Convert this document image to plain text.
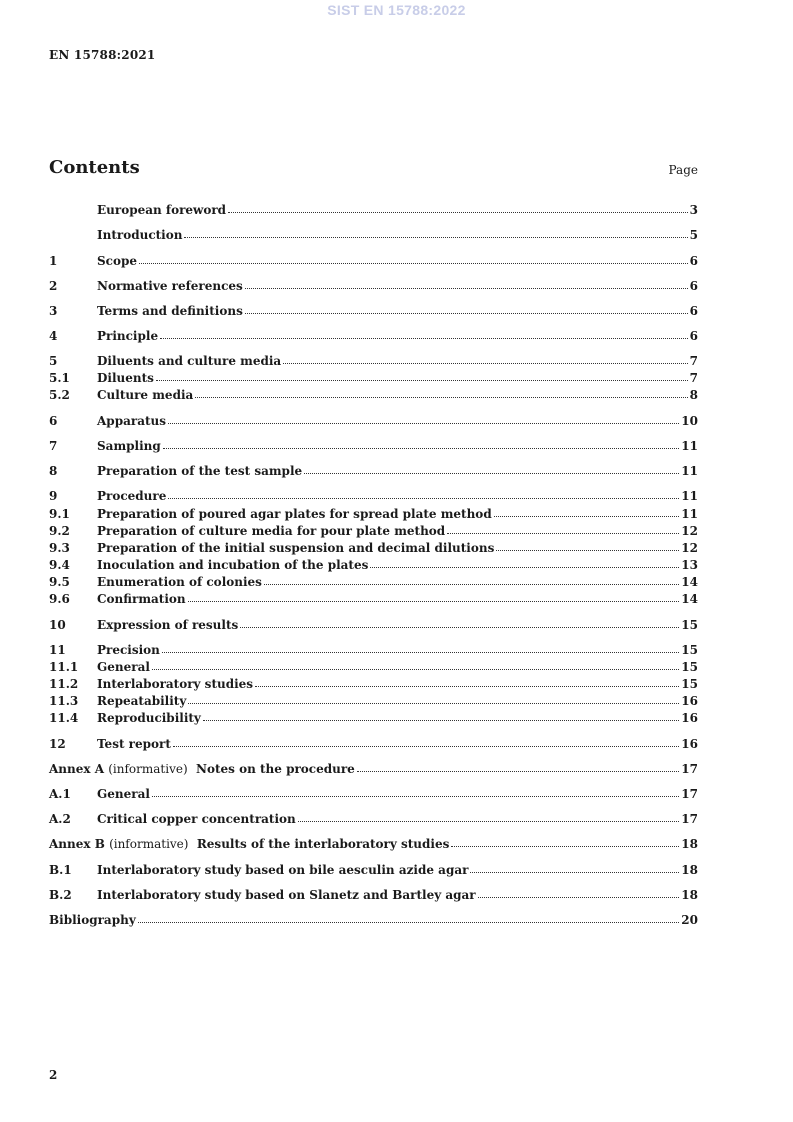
SIST EN 15788:2022
EN 15788:2021
Contents	Page
European foreword	3
Introduction	5
1	Scope	6
2	Normative references	6
3	Terms and definitions	6
4	Principle	6
5	Diluents and culture media	7
5.1	Diluents	7
5.2	Culture media	8
6	Apparatus	10
7	Sampling	11
8	Preparation of the test sample	11
9	Procedure	11
9.1	Preparation of poured agar plates for spread plate method	11
9.2	Preparation of culture media for pour plate method	12
9.3	Preparation of the initial suspension and decimal dilutions	12
9.4	Inoculation and incubation of the plates	13
9.5	Enumeration of colonies	14
9.6	Confirmation	14
10	Expression of results	15
11	Precision	15
11.1	General	15
11.2	Interlaboratory studies	15
11.3	Repeatability	16
11.4	Reproducibility	16
12	Test report	16
Annex A (informative) Notes on the procedure	17
A.1	General	17
A.2	Critical copper concentration	17
Annex B (informative) Results of the interlaboratory studies	18
B.1	Interlaboratory study based on bile aesculin azide agar	18
B.2	Interlaboratory study based on Slanetz and Bartley agar	18
Bibliography	20
2
